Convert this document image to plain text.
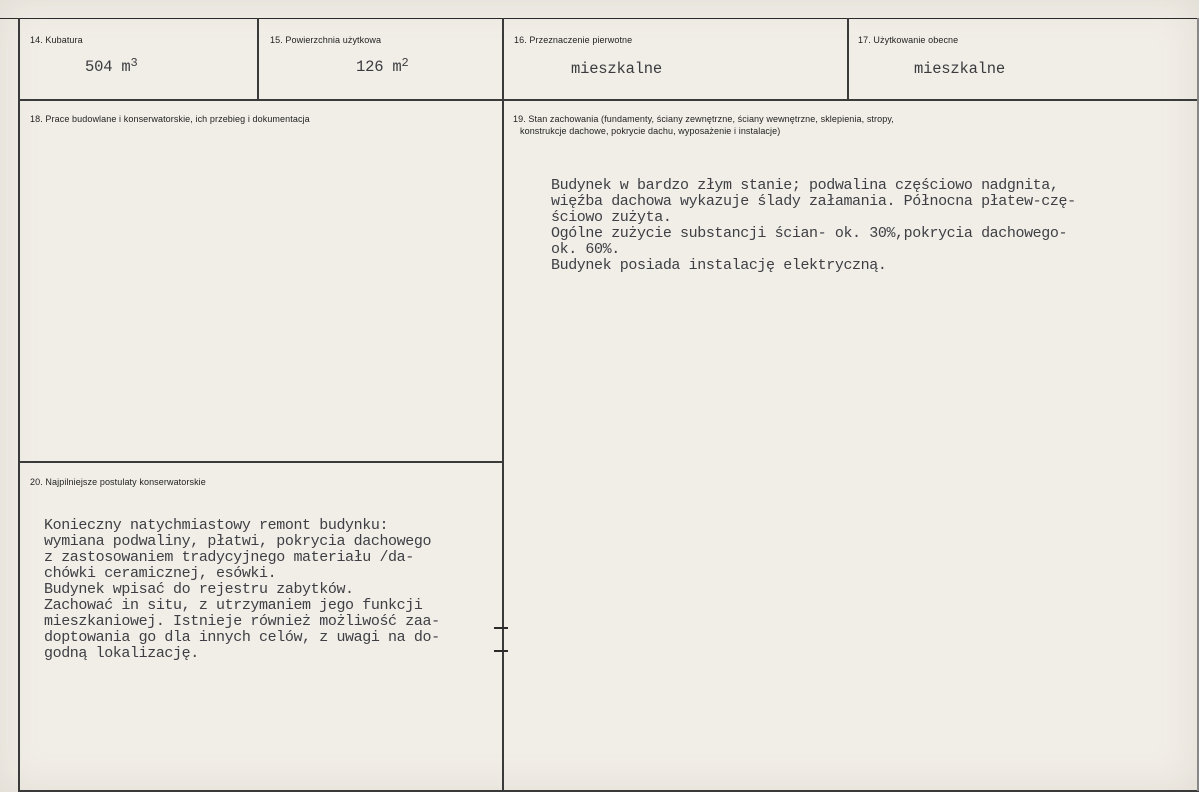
14. Kubatura	15. Powierzchnia użytkowa	16. Przeznaczenie pierwotne	17. Użytkowanie obecne
504 $m^3$	126 $m^2$	mieszkalne	mieszkalne
18. Prace budowlane i konserwatorskie, ich przebieg i dokumentacja	19. Stan zachowania (fundamenty, ściany zewnętrzne, ściany wewnętrzne, sklepienia, stropy,
konstrukcje dachowe, pokrycie dachu, wyposażenie i instalacje)
Budynek w bardzo złym stanie; podwalina częściowo nadgnita,
więźba dachowa wykazuje ślady załamania. Północna płatew-czę-
ściowo zużyta.
Ogólne zużycie substancji ścian- ok. 30%,pokrycia dachowego-
ok. 60%.
Budynek posiada instalację elektryczną.
20. Najpilniejsze postulaty konserwatorskie
Konieczny natychmiastowy remont budynku:
wymiana podwaliny, płatwi, pokrycia dachowego
z zastosowaniem tradycyjnego materiału /da-
chówki ceramicznej, esówki.
Budynek wpisać do rejestru zabytków.
Zachować in situ, z utrzymaniem jego funkcji
mieszkaniowej. Istnieje również możliwość zaa-
doptowania go dla innych celów, z uwagi na do-
godną lokalizację.
